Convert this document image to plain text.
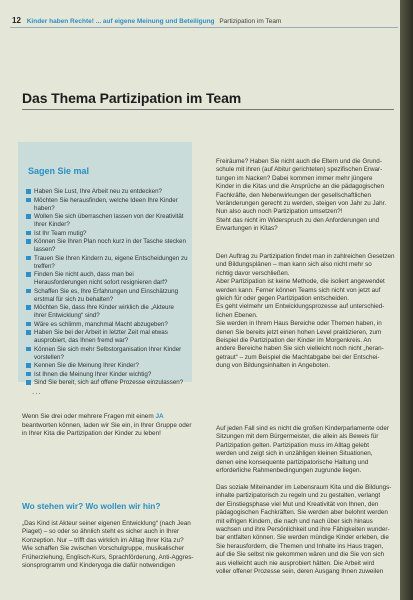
12 Kinder haben Rechte! ... auf eigene Meinung und Beteiligung Partizipation im Team
Das Thema Partizipation im Team
Sagen Sie mal
Haben Sie Lust, Ihre Arbeit neu zu entdecken?
Möchten Sie herausfinden, welche Ideen Ihre Kinder haben?
Wollen Sie sich überraschen lassen von der Kreativität Ihrer Kinder?
Ist Ihr Team mutig?
Können Sie Ihren Plan noch kurz in der Tasche stecken lassen?
Trauen Sie Ihren Kindern zu, eigene Entscheidungen zu treffen?
Finden Sie nicht auch, dass man bei Herausforderungen nicht sofort resignieren darf?
Schaffen Sie es, Ihre Erfahrungen und Einschätzung erstmal für sich zu behalten?
Möchten Sie, dass Ihre Kinder wirklich die „Akteure ihrer Entwicklung“ sind?
Wäre es schlimm, manchmal Macht abzugeben?
Haben Sie bei der Arbeit in letzter Zeit mal etwas ausprobiert, das Ihnen fremd war?
Können Sie sich mehr Selbstorganisation Ihrer Kinder vorstellen?
Kennen Sie die Meinung Ihrer Kinder?
Ist Ihnen die Meinung Ihrer Kinder wichtig?
Sind Sie bereit, sich auf offene Prozesse einzulassen?
...
Wenn Sie drei oder mehrere Fragen mit einem JA beantworten können, laden wir Sie ein, in Ihrer Gruppe oder in Ihrer Kita die Partizipation der Kinder zu leben!
Wo stehen wir? Wo wollen wir hin?
„Das Kind ist Akteur seiner eigenen Entwicklung“ (nach Jean
Piaget) – so oder so ähnlich steht es sicher auch in Ihrer
Konzeption. Nur – trifft das wirklich im Alltag Ihrer Kita zu?
Wie schaffen Sie zwischen Vorschulgruppe, musikalischer
Früherziehung, Englisch-Kurs, Sprachförderung, Anti-Aggres-
sionsprogramm und Kinderyoga die dafür notwendigen
Freiräume? Haben Sie nicht auch die Eltern und die Grund-
schule mit ihren (auf Abitur gerichteten) spezifischen Erwar-
tungen im Nacken? Dabei kommen immer mehr jüngere
Kinder in die Kitas und die Ansprüche an die pädagogischen
Fachkräfte, den Nebenwirkungen der gesellschaftlichen
Veränderungen gerecht zu werden, steigen von Jahr zu Jahr.
Nun also auch noch Partizipation umsetzen?!
Steht das nicht im Widerspruch zu den Anforderungen und
Erwartungen in Kitas?
Den Auftrag zu Partizipation findet man in zahlreichen Gesetzen
und Bildungsplänen – man kann sich also nicht mehr so
richtig davor verschließen.
Aber Partizipation ist keine Methode, die isoliert angewendet
werden kann. Ferner können Teams sich nicht von jetzt auf
gleich für oder gegen Partizipation entscheiden.
Es geht vielmehr um Entwicklungsprozesse auf unterschied-
lichen Ebenen.
Sie werden in Ihrem Haus Bereiche oder Themen haben, in
denen Sie bereits jetzt einen hohen Level praktizieren, zum
Beispiel die Partizipation der Kinder im Morgenkreis. An
andere Bereiche haben Sie sich vielleicht noch nicht „heran-
getraut“ – zum Beispiel die Machtabgabe bei der Entschei-
dung von Bildungsinhalten in Angeboten.
Auf jeden Fall sind es nicht die großen Kinderparlamente oder
Sitzungen mit dem Bürgermeister, die allein als Beweis für
Partizipation gelten. Partizipation muss im Alltag gelebt
werden und zeigt sich in unzähligen kleinen Situationen,
denen eine konsequente partizipatorische Haltung und
erforderliche Rahmenbedingungen zugrunde liegen.
Das soziale Miteinander im Lebensraum Kita und die Bildungs-
inhalte partizipatorisch zu regeln und zu gestalten, verlangt
der Einstiegsphase viel Mut und Kreativität von Ihnen, den
pädagogischen Fachkräften. Sie werden aber belohnt werden
mit eifrigen Kindern, die nach und nach über sich hinaus
wachsen und ihre Persönlichkeit und ihre Fähigkeiten wunder-
bar entfalten können. Sie werden mündige Kinder erleben, die
Sie herausfordern, die Themen und Inhalte ins Haus tragen,
auf die Sie selbst nie gekommen wären und die Sie von sich
aus vielleicht auch nie ausprobiert hätten. Die Arbeit wird
voller offener Prozesse sein, deren Ausgang Ihnen zuweilen
